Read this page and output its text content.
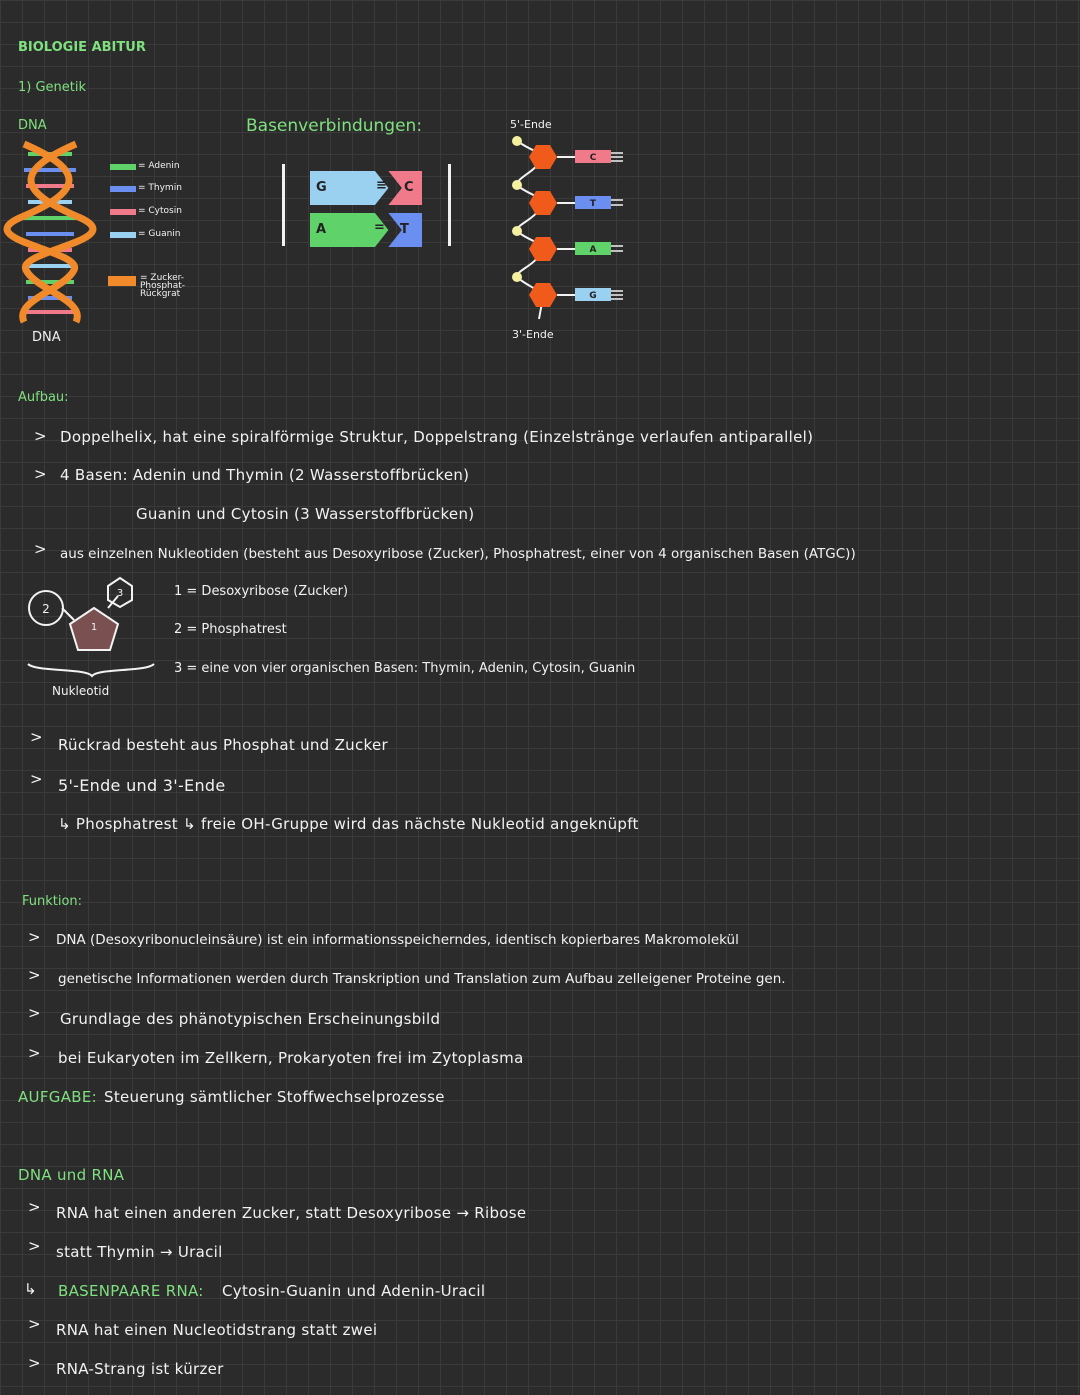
BIOLOGIE ABITUR
1) Genetik
DNA
DNA
= Adenin
= Thymin
= Cytosin
= Guanin
= Zucker-
Phosphat-
Rückgrat
Basenverbindungen:
G	≡ C
A	= T
5'-Ende
C
T
A
G
3'-Ende
Aufbau:
> Doppelhelix, hat eine spiralförmige Struktur, Doppelstrang (Einzelstränge verlaufen antiparallel)
> 4 Basen: Adenin und Thymin (2 Wasserstoffbrücken)
Guanin und Cytosin (3 Wasserstoffbrücken)
> aus einzelnen Nukleotiden (besteht aus Desoxyribose (Zucker), Phosphatrest, einer von 4 organischen Basen (ATGC))
2
1
3
Nukleotid
1 = Desoxyribose (Zucker)
2 = Phosphatrest
3 = eine von vier organischen Basen: Thymin, Adenin, Cytosin, Guanin
> Rückrad besteht aus Phosphat und Zucker
> 5'-Ende und 3'-Ende
↳ Phosphatrest ↳ freie OH-Gruppe wird das nächste Nukleotid angeknüpft
Funktion:
> DNA (Desoxyribonucleinsäure) ist ein informationsspeicherndes, identisch kopierbares Makromolekül
> genetische Informationen werden durch Transkription und Translation zum Aufbau zelleigener Proteine gen.
> Grundlage des phänotypischen Erscheinungsbild
> bei Eukaryoten im Zellkern, Prokaryoten frei im Zytoplasma
AUFGABE: Steuerung sämtlicher Stoffwechselprozesse
DNA und RNA
> RNA hat einen anderen Zucker, statt Desoxyribose → Ribose
> statt Thymin → Uracil
↳ BASENPAARE RNA: Cytosin-Guanin und Adenin-Uracil
> RNA hat einen Nucleotidstrang statt zwei
> RNA-Strang ist kürzer
